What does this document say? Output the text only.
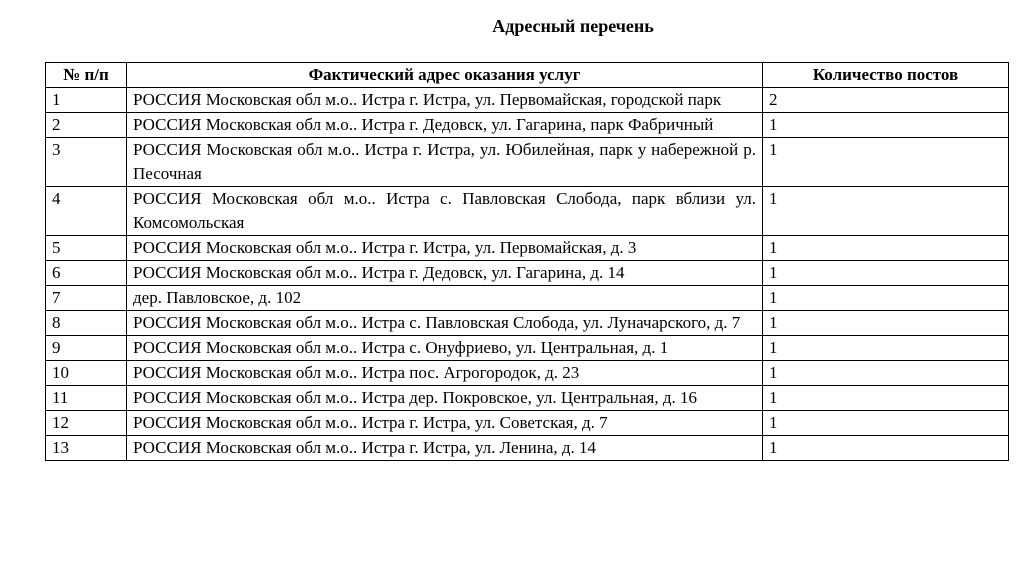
Адресный перечень
№ п/п	Фактический адрес оказания услуг	Количество постов
1	РОССИЯ Московская обл м.о.. Истра г. Истра, ул. Первомайская, городской парк	2
2	РОССИЯ Московская обл м.о.. Истра г. Дедовск, ул. Гагарина, парк Фабричный	1
3	РОССИЯ Московская обл м.о.. Истра г. Истра, ул. Юбилейная, парк у набережной р. Песочная	1
4	РОССИЯ Московская обл м.о.. Истра с. Павловская Слобода, парк вблизи ул. Комсомольская	1
5	РОССИЯ Московская обл м.о.. Истра г. Истра, ул. Первомайская, д. 3	1
6	РОССИЯ Московская обл м.о.. Истра г. Дедовск, ул. Гагарина, д. 14	1
7	дер. Павловское, д. 102	1
8	РОССИЯ Московская обл м.о.. Истра с. Павловская Слобода, ул. Луначарского, д. 7	1
9	РОССИЯ Московская обл м.о.. Истра с. Онуфриево, ул. Центральная, д. 1	1
10	РОССИЯ Московская обл м.о.. Истра пос. Агрогородок, д. 23	1
11	РОССИЯ Московская обл м.о.. Истра дер. Покровское, ул. Центральная, д. 16	1
12	РОССИЯ Московская обл м.о.. Истра г. Истра, ул. Советская, д. 7	1
13	РОССИЯ Московская обл м.о.. Истра г. Истра, ул. Ленина, д. 14	1
